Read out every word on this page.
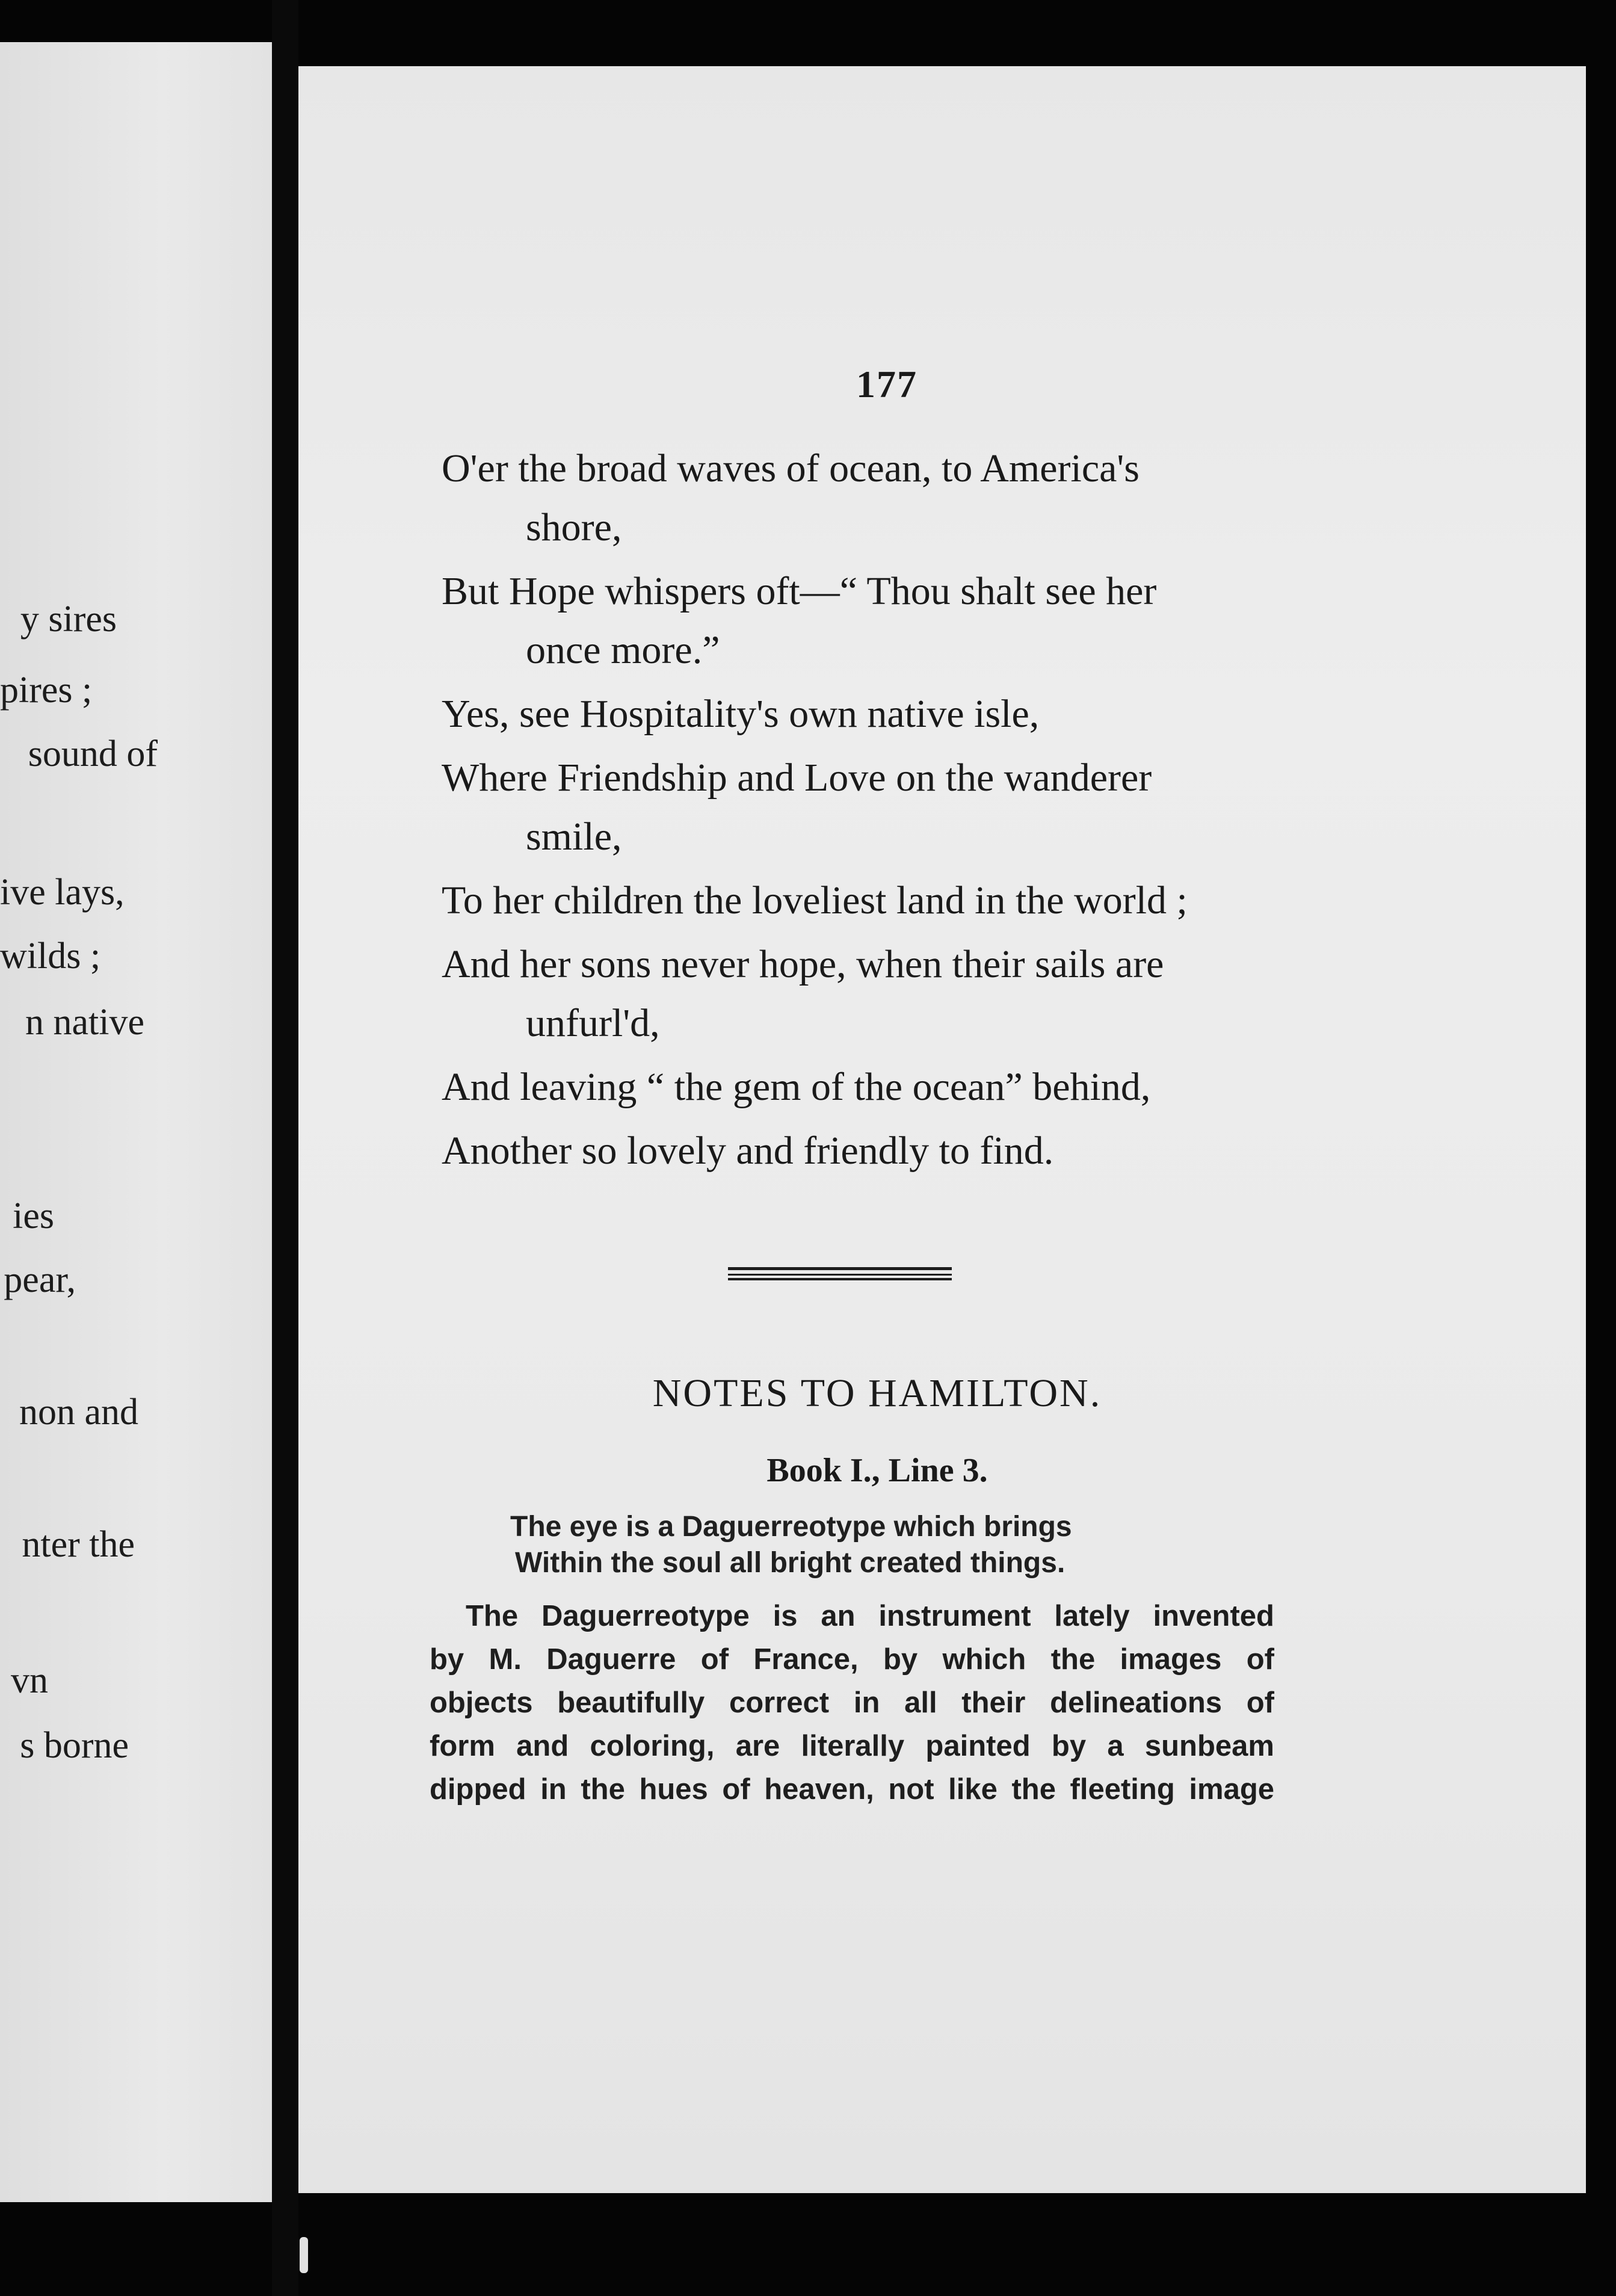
y sires
pires ;
sound of
ive lays,
wilds ;
n native
ies
pear,
non and
nter the
vn
s borne
177
O'er the broad waves of ocean, to America's
shore,
But Hope whispers oft—“ Thou shalt see her
once more.”
Yes, see Hospitality's own native isle,
Where Friendship and Love on the wanderer
smile,
To her children the loveliest land in the world ;
And her sons never hope, when their sails are
unfurl'd,
And leaving “ the gem of the ocean” behind,
Another so lovely and friendly to find.
NOTES TO HAMILTON.
Book I., Line 3.
The eye is a Daguerreotype which brings
Within the soul all bright created things.
The Daguerreotype is an instrument lately invented
by M. Daguerre of France, by which the images of
objects beautifully correct in all their delineations of
form and coloring, are literally painted by a sunbeam
dipped in the hues of heaven, not like the fleeting image
